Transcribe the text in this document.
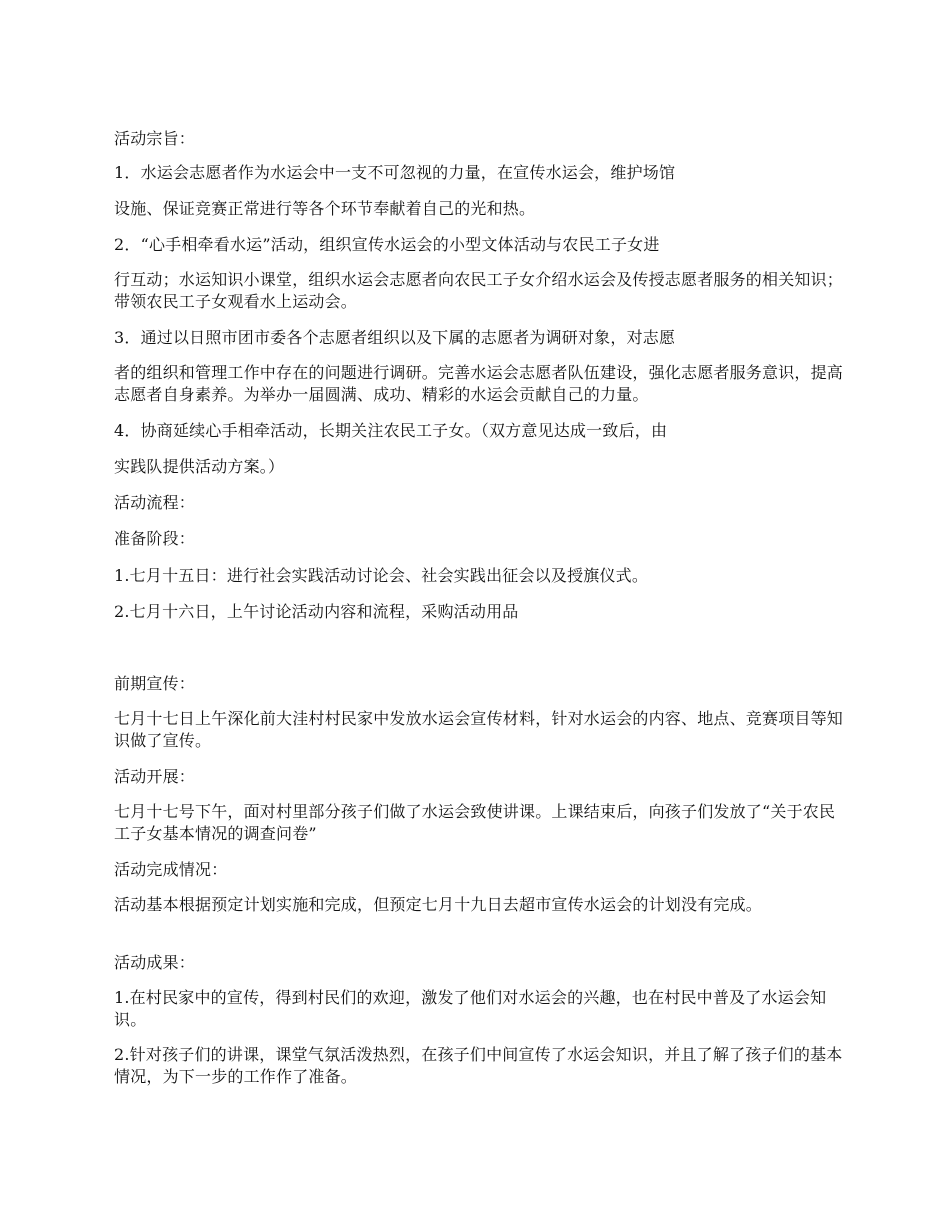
活动宗旨：
1．水运会志愿者作为水运会中一支不可忽视的力量，在宣传水运会，维护场馆
设施、保证竞赛正常进行等各个环节奉献着自己的光和热。
2．“心手相牵看水运”活动，组织宣传水运会的小型文体活动与农民工子女进
行互动；水运知识小课堂，组织水运会志愿者向农民工子女介绍水运会及传授志愿者服务的相关知识；带领农民工子女观看水上运动会。
3．通过以日照市团市委各个志愿者组织以及下属的志愿者为调研对象，对志愿
者的组织和管理工作中存在的问题进行调研。完善水运会志愿者队伍建设，强化志愿者服务意识，提高志愿者自身素养。为举办一届圆满、成功、精彩的水运会贡献自己的力量。
4．协商延续心手相牵活动，长期关注农民工子女。（双方意见达成一致后，由
实践队提供活动方案。）
活动流程：
准备阶段：
1.七月十五日：进行社会实践活动讨论会、社会实践出征会以及授旗仪式。
2.七月十六日，上午讨论活动内容和流程，采购活动用品
前期宣传：
七月十七日上午深化前大洼村村民家中发放水运会宣传材料，针对水运会的内容、地点、竞赛项目等知识做了宣传。
活动开展：
七月十七号下午，面对村里部分孩子们做了水运会致使讲课。上课结束后，向孩子们发放了“关于农民工子女基本情况的调查问卷”
活动完成情况：
活动基本根据预定计划实施和完成，但预定七月十九日去超市宣传水运会的计划没有完成。
活动成果：
1.在村民家中的宣传，得到村民们的欢迎，激发了他们对水运会的兴趣，也在村民中普及了水运会知识。
2.针对孩子们的讲课，课堂气氛活泼热烈，在孩子们中间宣传了水运会知识，并且了解了孩子们的基本情况，为下一步的工作作了准备。
